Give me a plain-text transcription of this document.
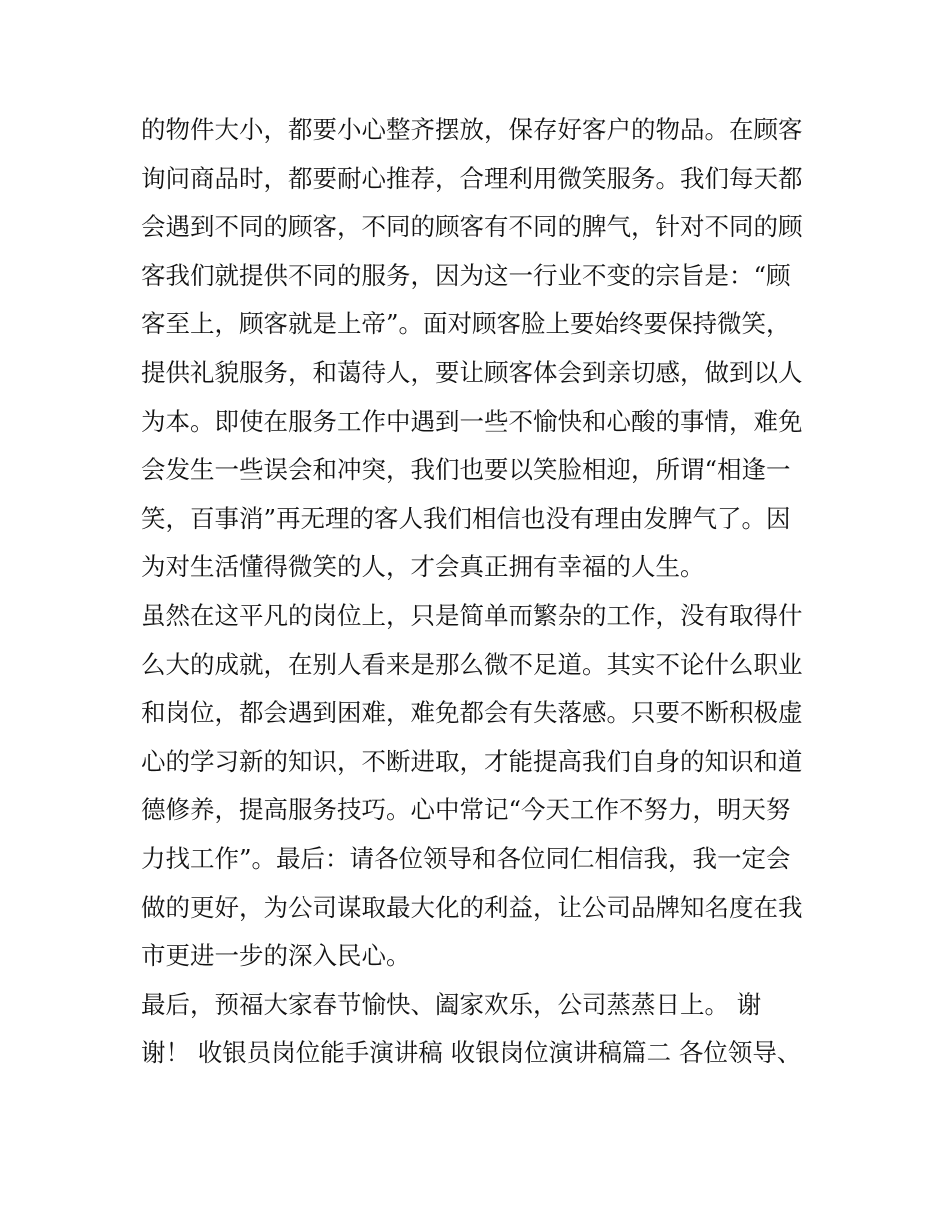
的物件大小，都要小心整齐摆放，保存好客户的物品。在顾客
询问商品时，都要耐心推荐，合理利用微笑服务。我们每天都
会遇到不同的顾客，不同的顾客有不同的脾气，针对不同的顾
客我们就提供不同的服务，因为这一行业不变的宗旨是：“顾
客至上，顾客就是上帝”。面对顾客脸上要始终要保持微笑，
提供礼貌服务，和蔼待人，要让顾客体会到亲切感，做到以人
为本。即使在服务工作中遇到一些不愉快和心酸的事情，难免
会发生一些误会和冲突，我们也要以笑脸相迎，所谓“相逢一
笑，百事消”再无理的客人我们相信也没有理由发脾气了。因
为对生活懂得微笑的人，才会真正拥有幸福的人生。
虽然在这平凡的岗位上，只是简单而繁杂的工作，没有取得什
么大的成就，在别人看来是那么微不足道。其实不论什么职业
和岗位，都会遇到困难，难免都会有失落感。只要不断积极虚
心的学习新的知识，不断进取，才能提高我们自身的知识和道
德修养，提高服务技巧。心中常记“今天工作不努力，明天努
力找工作”。最后：请各位领导和各位同仁相信我，我一定会
做的更好，为公司谋取最大化的利益，让公司品牌知名度在我
市更进一步的深入民心。
最后，预福大家春节愉快、阖家欢乐，公司蒸蒸日上。 谢
谢！ 收银员岗位能手演讲稿 收银岗位演讲稿篇二 各位领导、
